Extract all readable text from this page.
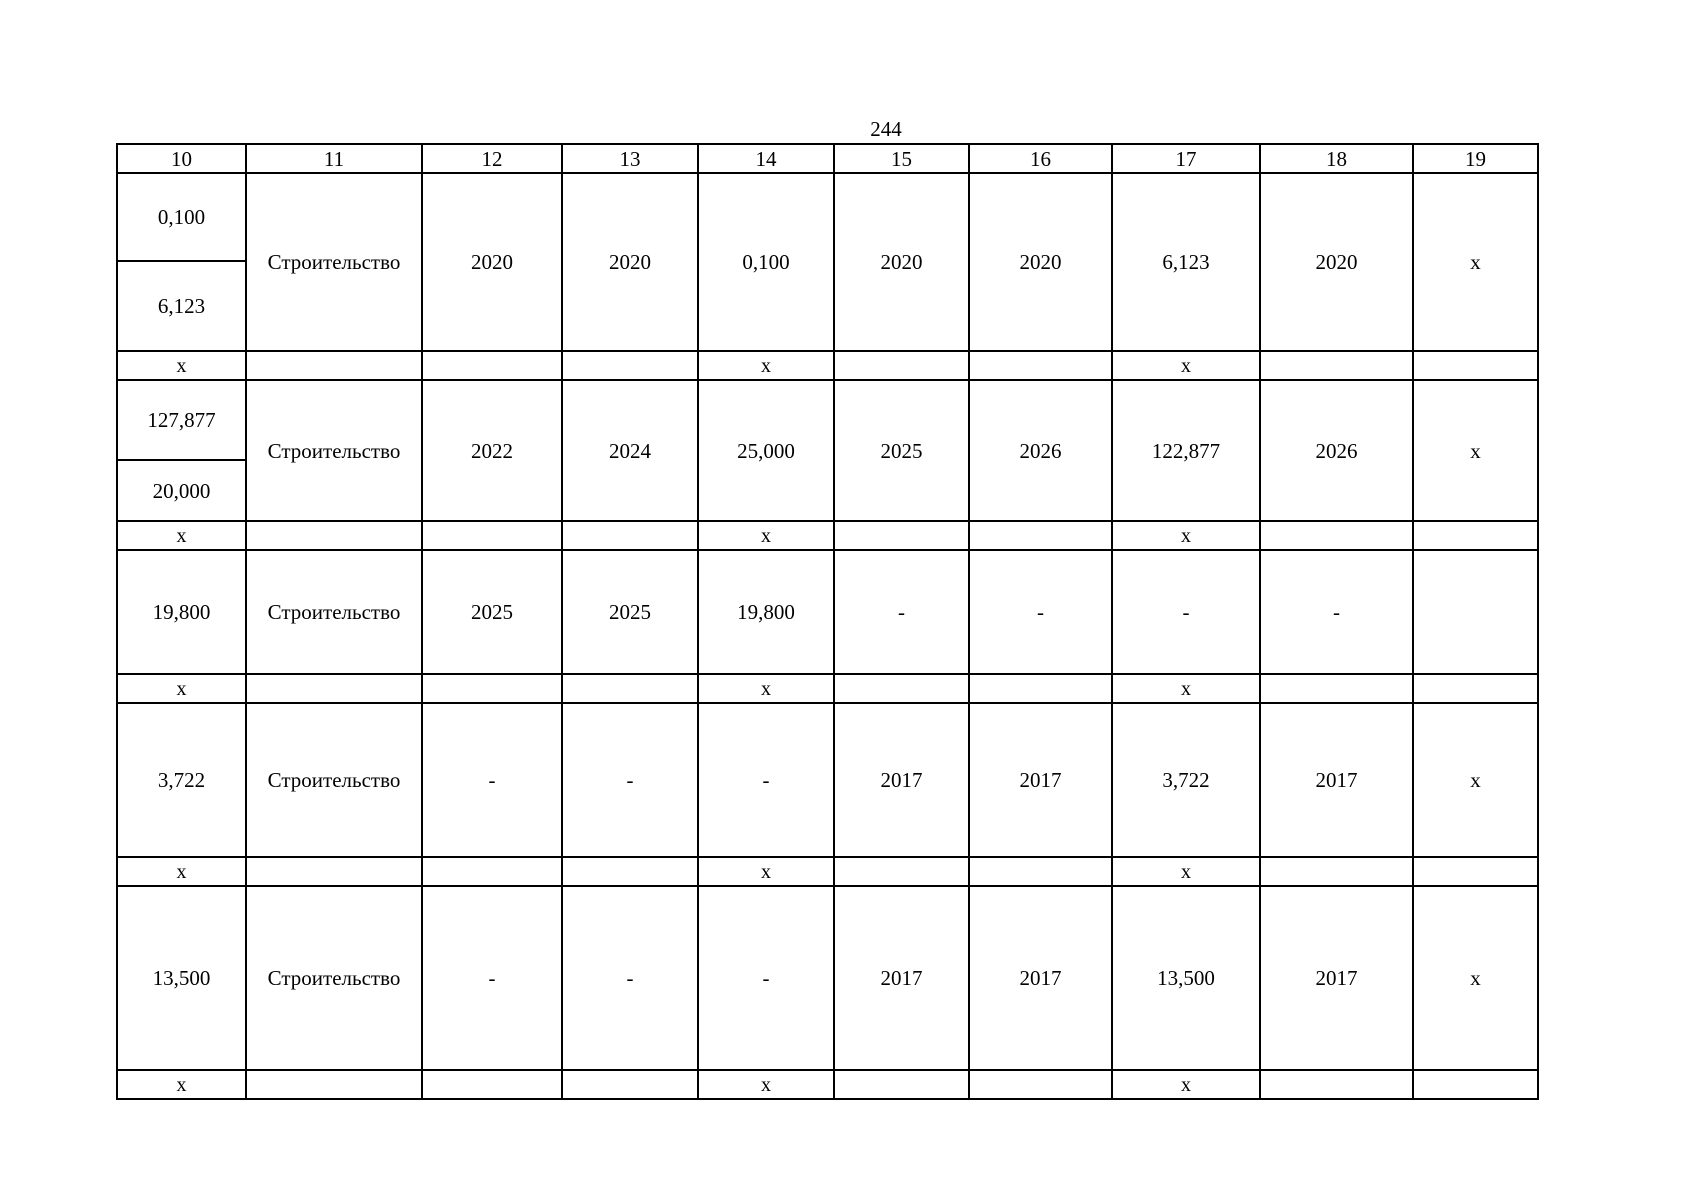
244
10	11	12	13	14	15	16	17	18	19
0,100	Строительство	2020	2020	0,100	2020	2020	6,123	2020	x
6,123									
x				x			x		
127,877	Строительство	2022	2024	25,000	2025	2026	122,877	2026	x
20,000									
x				x			x		
19,800	Строительство	2025	2025	19,800	-	-	-	-	
x				x			x		
3,722	Строительство	-	-	-	2017	2017	3,722	2017	x
x				x			x		
13,500	Строительство	-	-	-	2017	2017	13,500	2017	x
x				x			x		
